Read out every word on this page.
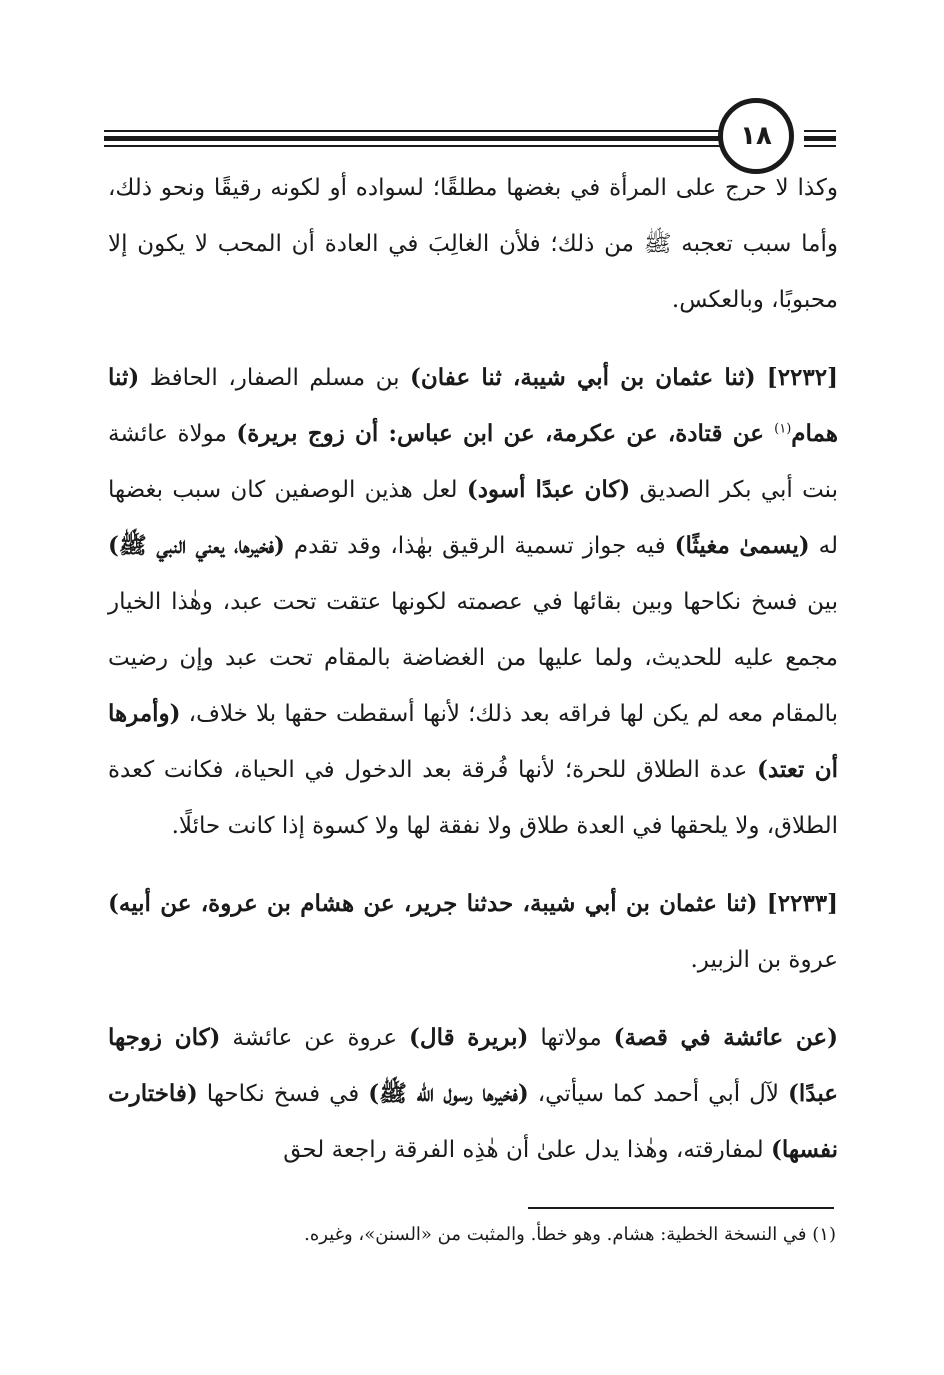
١٨

وكذا لا حرج على المرأة في بغضها مطلقًا؛ لسواده أو لكونه رقيقًا ونحو ذلك، وأما سبب تعجبه ﷺ من ذلك؛ فلأن الغالِبَ في العادة أن المحب لا يكون إلا محبوبًا، وبالعكس.

[٢٢٣٢] (ثنا عثمان بن أبي شيبة، ثنا عفان) بن مسلم الصفار، الحافظ (ثنا همام$^{(١)}$ عن قتادة، عن عكرمة، عن ابن عباس: أن زوج بريرة) مولاة عائشة بنت أبي بكر الصديق (كان عبدًا أسود) لعل هذين الوصفين كان سبب بغضها له (يسمىٰ مغيثًا) فيه جواز تسمية الرقيق بهٰذا، وقد تقدم (فخيرها، يعني النبي ﷺ) بين فسخ نكاحها وبين بقائها في عصمته لكونها عتقت تحت عبد، وهٰذا الخيار مجمع عليه للحديث، ولما عليها من الغضاضة بالمقام تحت عبد وإن رضيت بالمقام معه لم يكن لها فراقه بعد ذلك؛ لأنها أسقطت حقها بلا خلاف، (وأمرها أن تعتد) عدة الطلاق للحرة؛ لأنها فُرقة بعد الدخول في الحياة، فكانت كعدة الطلاق، ولا يلحقها في العدة طلاق ولا نفقة لها ولا كسوة إذا كانت حائلًا.

[٢٢٣٣] (ثنا عثمان بن أبي شيبة، حدثنا جرير، عن هشام بن عروة، عن أبيه) عروة بن الزبير.

(عن عائشة في قصة) مولاتها (بريرة قال) عروة عن عائشة (كان زوجها عبدًا) لآل أبي أحمد كما سيأتي، (فخيرها رسول الله ﷺ) في فسخ نكاحها (فاختارت نفسها) لمفارقته، وهٰذا يدل علىٰ أن هٰذِه الفرقة راجعة لحق

(١) في النسخة الخطية: هشام. وهو خطأ. والمثبت من «السنن»، وغيره.
